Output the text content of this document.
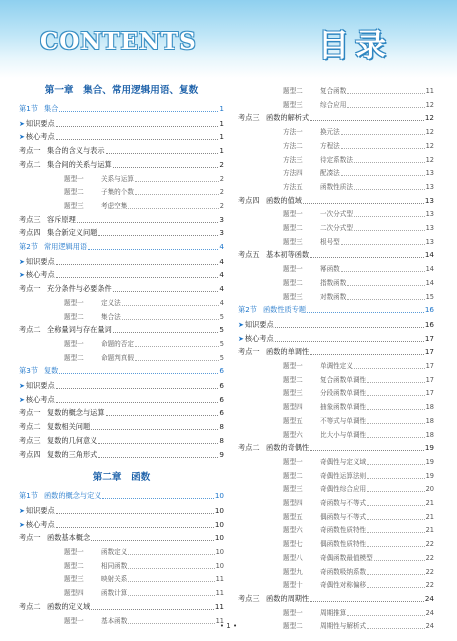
CONTENTS	目录
第一章　集合、常用逻辑用语、复数
第1节 集合	1
➤ 知识要点	1
➤ 核心考点	1
考点一 集合的含义与表示	1
考点二 集合间的关系与运算	2
题型一	关系与运算	2
题型二	子集的个数	2
题型三	考虑空集	2
考点三 容斥原理	3
考点四 集合新定义问题	3
第2节 常用逻辑用语	4
➤ 知识要点	4
➤ 核心考点	4
考点一 充分条件与必要条件	4
题型一	定义法	4
题型二	集合法	5
考点二 全称量词与存在量词	5
题型一	命题的否定	5
题型二	命题判真假	5
第3节 复数	6
➤ 知识要点	6
➤ 核心考点	6
考点一 复数的概念与运算	6
考点二 复数相关问题	8
考点三 复数的几何意义	8
考点四 复数的三角形式	9
第二章　函数
第1节 函数的概念与定义	10
➤ 知识要点	10
➤ 核心考点	10
考点一 函数基本概念	10
题型一	函数定义	10
题型二	相同函数	10
题型三	映射关系	11
题型四	函数计算	11
考点二 函数的定义域	11
题型一	基本函数	11
题型二	复合函数	11
题型三	综合应用	12
考点三 函数的解析式	12
方法一	换元法	12
方法二	方程法	12
方法三	待定系数法	12
方法四	配凑法	13
方法五	函数性质法	13
考点四 函数的值域	13
题型一	一次分式型	13
题型二	二次分式型	13
题型三	根号型	13
考点五 基本初等函数	14
题型一	幂函数	14
题型二	指数函数	14
题型三	对数函数	15
第2节 函数性质专题	16
➤ 知识要点	16
➤ 核心考点	17
考点一 函数的单调性	17
题型一	单调性定义	17
题型二	复合函数单调性	17
题型三	分段函数单调性	17
题型四	抽象函数单调性	18
题型五	不等式与单调性	18
题型六	比大小与单调性	18
考点二 函数的奇偶性	19
题型一	奇偶性与定义域	19
题型二	奇偶性运算法则	19
题型三	奇偶性综合应用	20
题型四	奇函数与不等式	21
题型五	偶函数与不等式	21
题型六	奇函数性质特性	21
题型七	偶函数性质特性	22
题型八	奇偶函数最值模型	22
题型九	奇函数吸纳系数	22
题型十	奇偶性对称偏移	22
考点三 函数的周期性	24
题型一	周期推算	24
题型二	周期性与解析式	24
• 1 •
